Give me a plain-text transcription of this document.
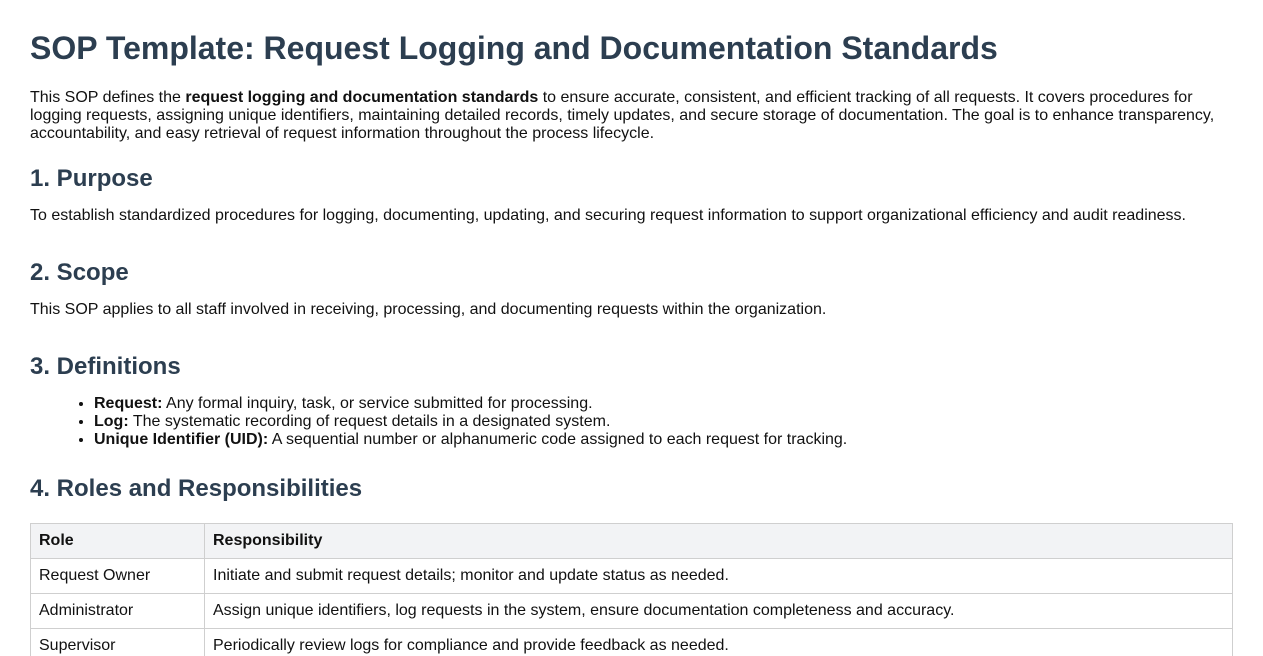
SOP Template: Request Logging and Documentation Standards

This SOP defines the request logging and documentation standards to ensure accurate, consistent, and efficient tracking of all requests. It covers procedures for logging requests, assigning unique identifiers, maintaining detailed records, timely updates, and secure storage of documentation. The goal is to enhance transparency, accountability, and easy retrieval of request information throughout the process lifecycle.

1. Purpose

To establish standardized procedures for logging, documenting, updating, and securing request information to support organizational efficiency and audit readiness.

2. Scope

This SOP applies to all staff involved in receiving, processing, and documenting requests within the organization.

3. Definitions
• Request: Any formal inquiry, task, or service submitted for processing.
• Log: The systematic recording of request details in a designated system.
• Unique Identifier (UID): A sequential number or alphanumeric code assigned to each request for tracking.
4. Roles and Responsibilities
Role	Responsibility
Request Owner	Initiate and submit request details; monitor and update status as needed.
Administrator	Assign unique identifiers, log requests in the system, ensure documentation completeness and accuracy.
Supervisor	Periodically review logs for compliance and provide feedback as needed.
